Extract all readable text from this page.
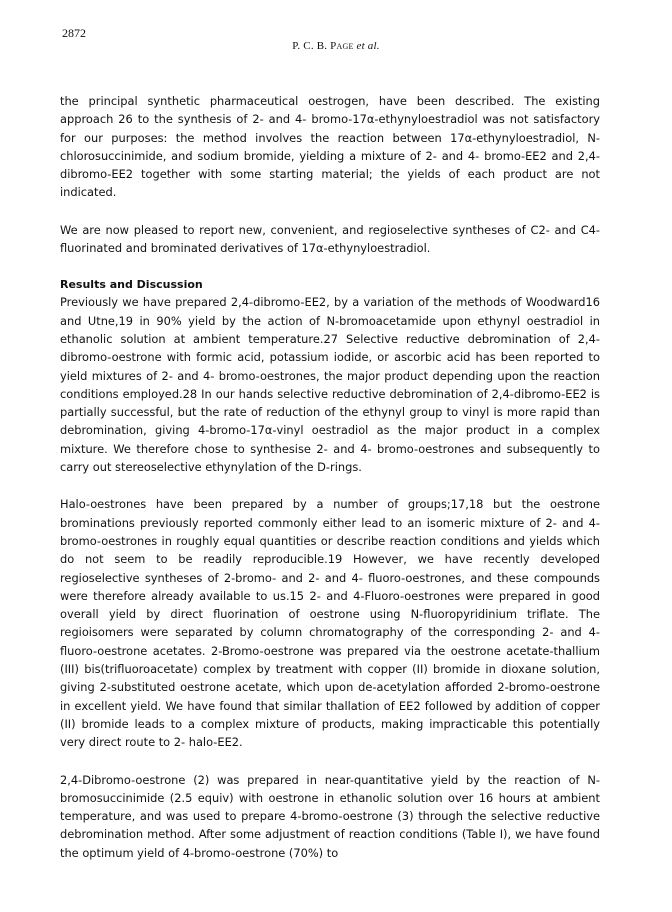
2872
P. C. B. Page et al.

the principal synthetic pharmaceutical oestrogen, have been described. The existing approach 26 to the synthesis of 2- and 4- bromo-17α-ethynyloestradiol was not satisfactory for our purposes: the method involves the reaction between 17α-ethynyloestradiol, N-chlorosuccinimide, and sodium bromide, yielding a mixture of 2- and 4- bromo-EE2 and 2,4-dibromo-EE2 together with some starting material; the yields of each product are not indicated.

We are now pleased to report new, convenient, and regioselective syntheses of C2- and C4- fluorinated and brominated derivatives of 17α-ethynyloestradiol.

Results and Discussion

Previously we have prepared 2,4-dibromo-EE2, by a variation of the methods of Woodward16 and Utne,19 in 90% yield by the action of N-bromoacetamide upon ethynyl oestradiol in ethanolic solution at ambient temperature.27 Selective reductive debromination of 2,4-dibromo-oestrone with formic acid, potassium iodide, or ascorbic acid has been reported to yield mixtures of 2- and 4- bromo-oestrones, the major product depending upon the reaction conditions employed.28 In our hands selective reductive debromination of 2,4-dibromo-EE2 is partially successful, but the rate of reduction of the ethynyl group to vinyl is more rapid than debromination, giving 4-bromo-17α-vinyl oestradiol as the major product in a complex mixture. We therefore chose to synthesise 2- and 4- bromo-oestrones and subsequently to carry out stereoselective ethynylation of the D-rings.

Halo-oestrones have been prepared by a number of groups;17,18 but the oestrone brominations previously reported commonly either lead to an isomeric mixture of 2- and 4- bromo-oestrones in roughly equal quantities or describe reaction conditions and yields which do not seem to be readily reproducible.19 However, we have recently developed regioselective syntheses of 2-bromo- and 2- and 4- fluoro-oestrones, and these compounds were therefore already available to us.15 2- and 4-Fluoro-oestrones were prepared in good overall yield by direct fluorination of oestrone using N-fluoropyridinium triflate. The regioisomers were separated by column chromatography of the corresponding 2- and 4- fluoro-oestrone acetates. 2-Bromo-oestrone was prepared via the oestrone acetate-thallium (III) bis(trifluoroacetate) complex by treatment with copper (II) bromide in dioxane solution, giving 2-substituted oestrone acetate, which upon de-acetylation afforded 2-bromo-oestrone in excellent yield. We have found that similar thallation of EE2 followed by addition of copper (II) bromide leads to a complex mixture of products, making impracticable this potentially very direct route to 2- halo-EE2.

2,4-Dibromo-oestrone (2) was prepared in near-quantitative yield by the reaction of N-bromosuccinimide (2.5 equiv) with oestrone in ethanolic solution over 16 hours at ambient temperature, and was used to prepare 4-bromo-oestrone (3) through the selective reductive debromination method. After some adjustment of reaction conditions (Table I), we have found the optimum yield of 4-bromo-oestrone (70%) to
